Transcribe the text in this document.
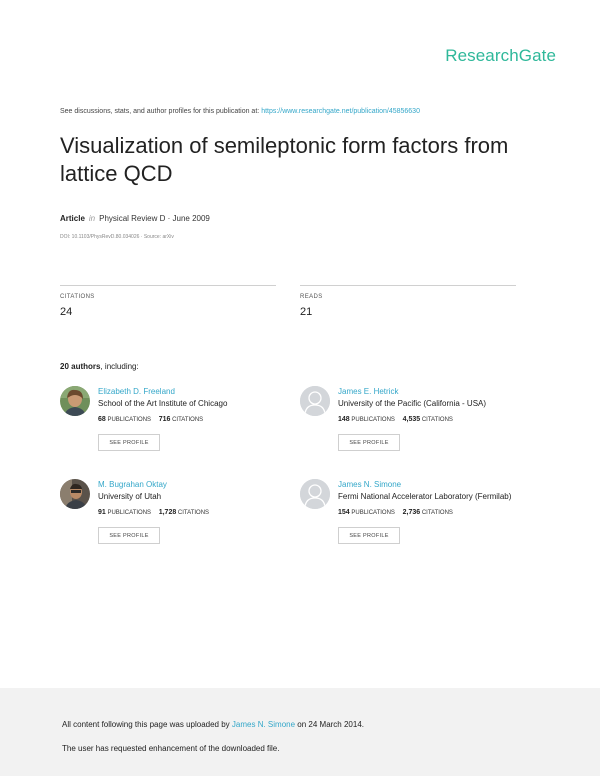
ResearchGate
See discussions, stats, and author profiles for this publication at: https://www.researchgate.net/publication/45856630
Visualization of semileptonic form factors from lattice QCD
Article in Physical Review D · June 2009
DOI: 10.1103/PhysRevD.80.034026 · Source: arXiv
CITATIONS
24
READS
21
20 authors, including:
Elizabeth D. Freeland
School of the Art Institute of Chicago
68 PUBLICATIONS 716 CITATIONS
SEE PROFILE
James E. Hetrick
University of the Pacific (California - USA)
148 PUBLICATIONS 4,535 CITATIONS
SEE PROFILE
M. Bugrahan Oktay
University of Utah
91 PUBLICATIONS 1,728 CITATIONS
SEE PROFILE
James N. Simone
Fermi National Accelerator Laboratory (Fermilab)
154 PUBLICATIONS 2,736 CITATIONS
SEE PROFILE
All content following this page was uploaded by James N. Simone on 24 March 2014.
The user has requested enhancement of the downloaded file.
